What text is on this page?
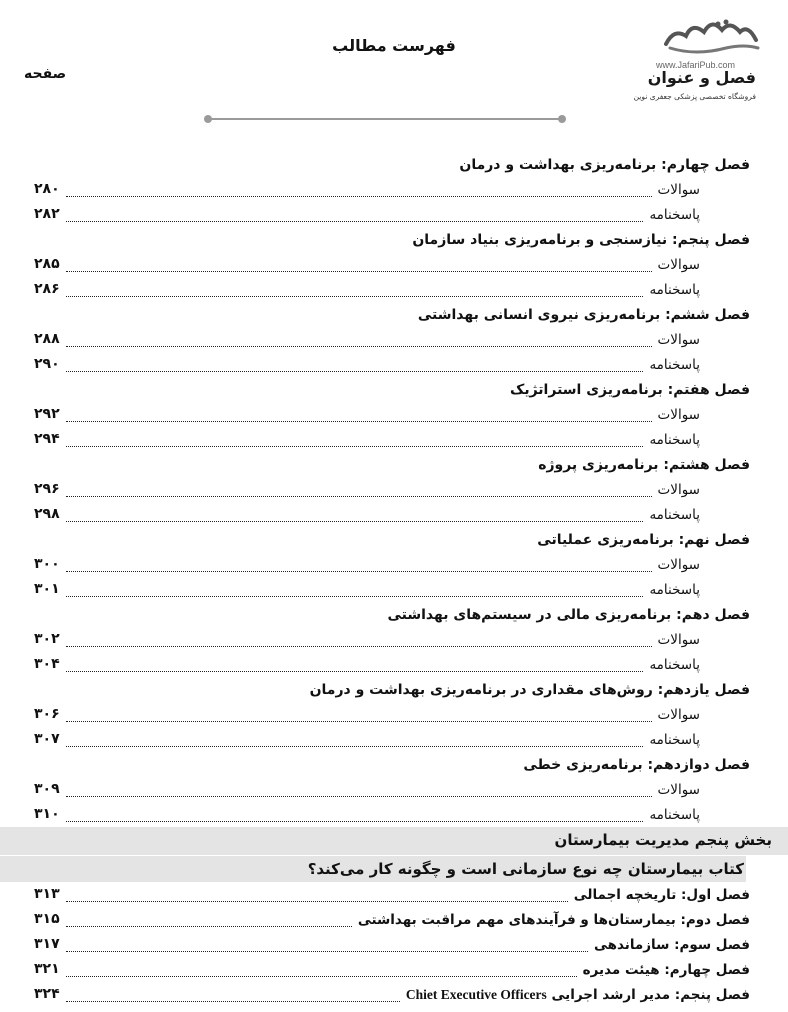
فهرست مطالب
صفحه
www.JafariPub.com
فصل و عنوان
فروشگاه تخصصی پزشکی جعفری نوین
فصل چهارم: برنامه‌ریزی بهداشت و درمان
سوالات
۲۸۰
پاسخنامه
۲۸۲
فصل پنجم: نیازسنجی و برنامه‌ریزی بنیاد سازمان
سوالات
۲۸۵
پاسخنامه
۲۸۶
فصل ششم: برنامه‌ریزی نیروی انسانی بهداشتی
سوالات
۲۸۸
پاسخنامه
۲۹۰
فصل هفتم: برنامه‌ریزی استراتژیک
سوالات
۲۹۲
پاسخنامه
۲۹۴
فصل هشتم: برنامه‌ریزی پروژه
سوالات
۲۹۶
پاسخنامه
۲۹۸
فصل نهم: برنامه‌ریزی عملیاتی
سوالات
۳۰۰
پاسخنامه
۳۰۱
فصل دهم: برنامه‌ریزی مالی در سیستم‌های بهداشتی
سوالات
۳۰۲
پاسخنامه
۳۰۴
فصل یازدهم: روش‌های مقداری در برنامه‌ریزی بهداشت و درمان
سوالات
۳۰۶
پاسخنامه
۳۰۷
فصل دوازدهم: برنامه‌ریزی خطی
سوالات
۳۰۹
پاسخنامه
۳۱۰
بخش پنجم مدیریت بیمارستان
کتاب بیمارستان چه نوع سازمانی است و چگونه کار می‌کند؟
فصل اول: تاریخچه اجمالی
۳۱۳
فصل دوم: بیمارستان‌ها و فرآیندهای مهم مراقبت بهداشتی
۳۱۵
فصل سوم: سازماندهی
۳۱۷
فصل چهارم: هیئت مدیره
۳۲۱
فصل پنجم: مدیر ارشد اجرایی Chiet Executive Officers
۳۲۴
